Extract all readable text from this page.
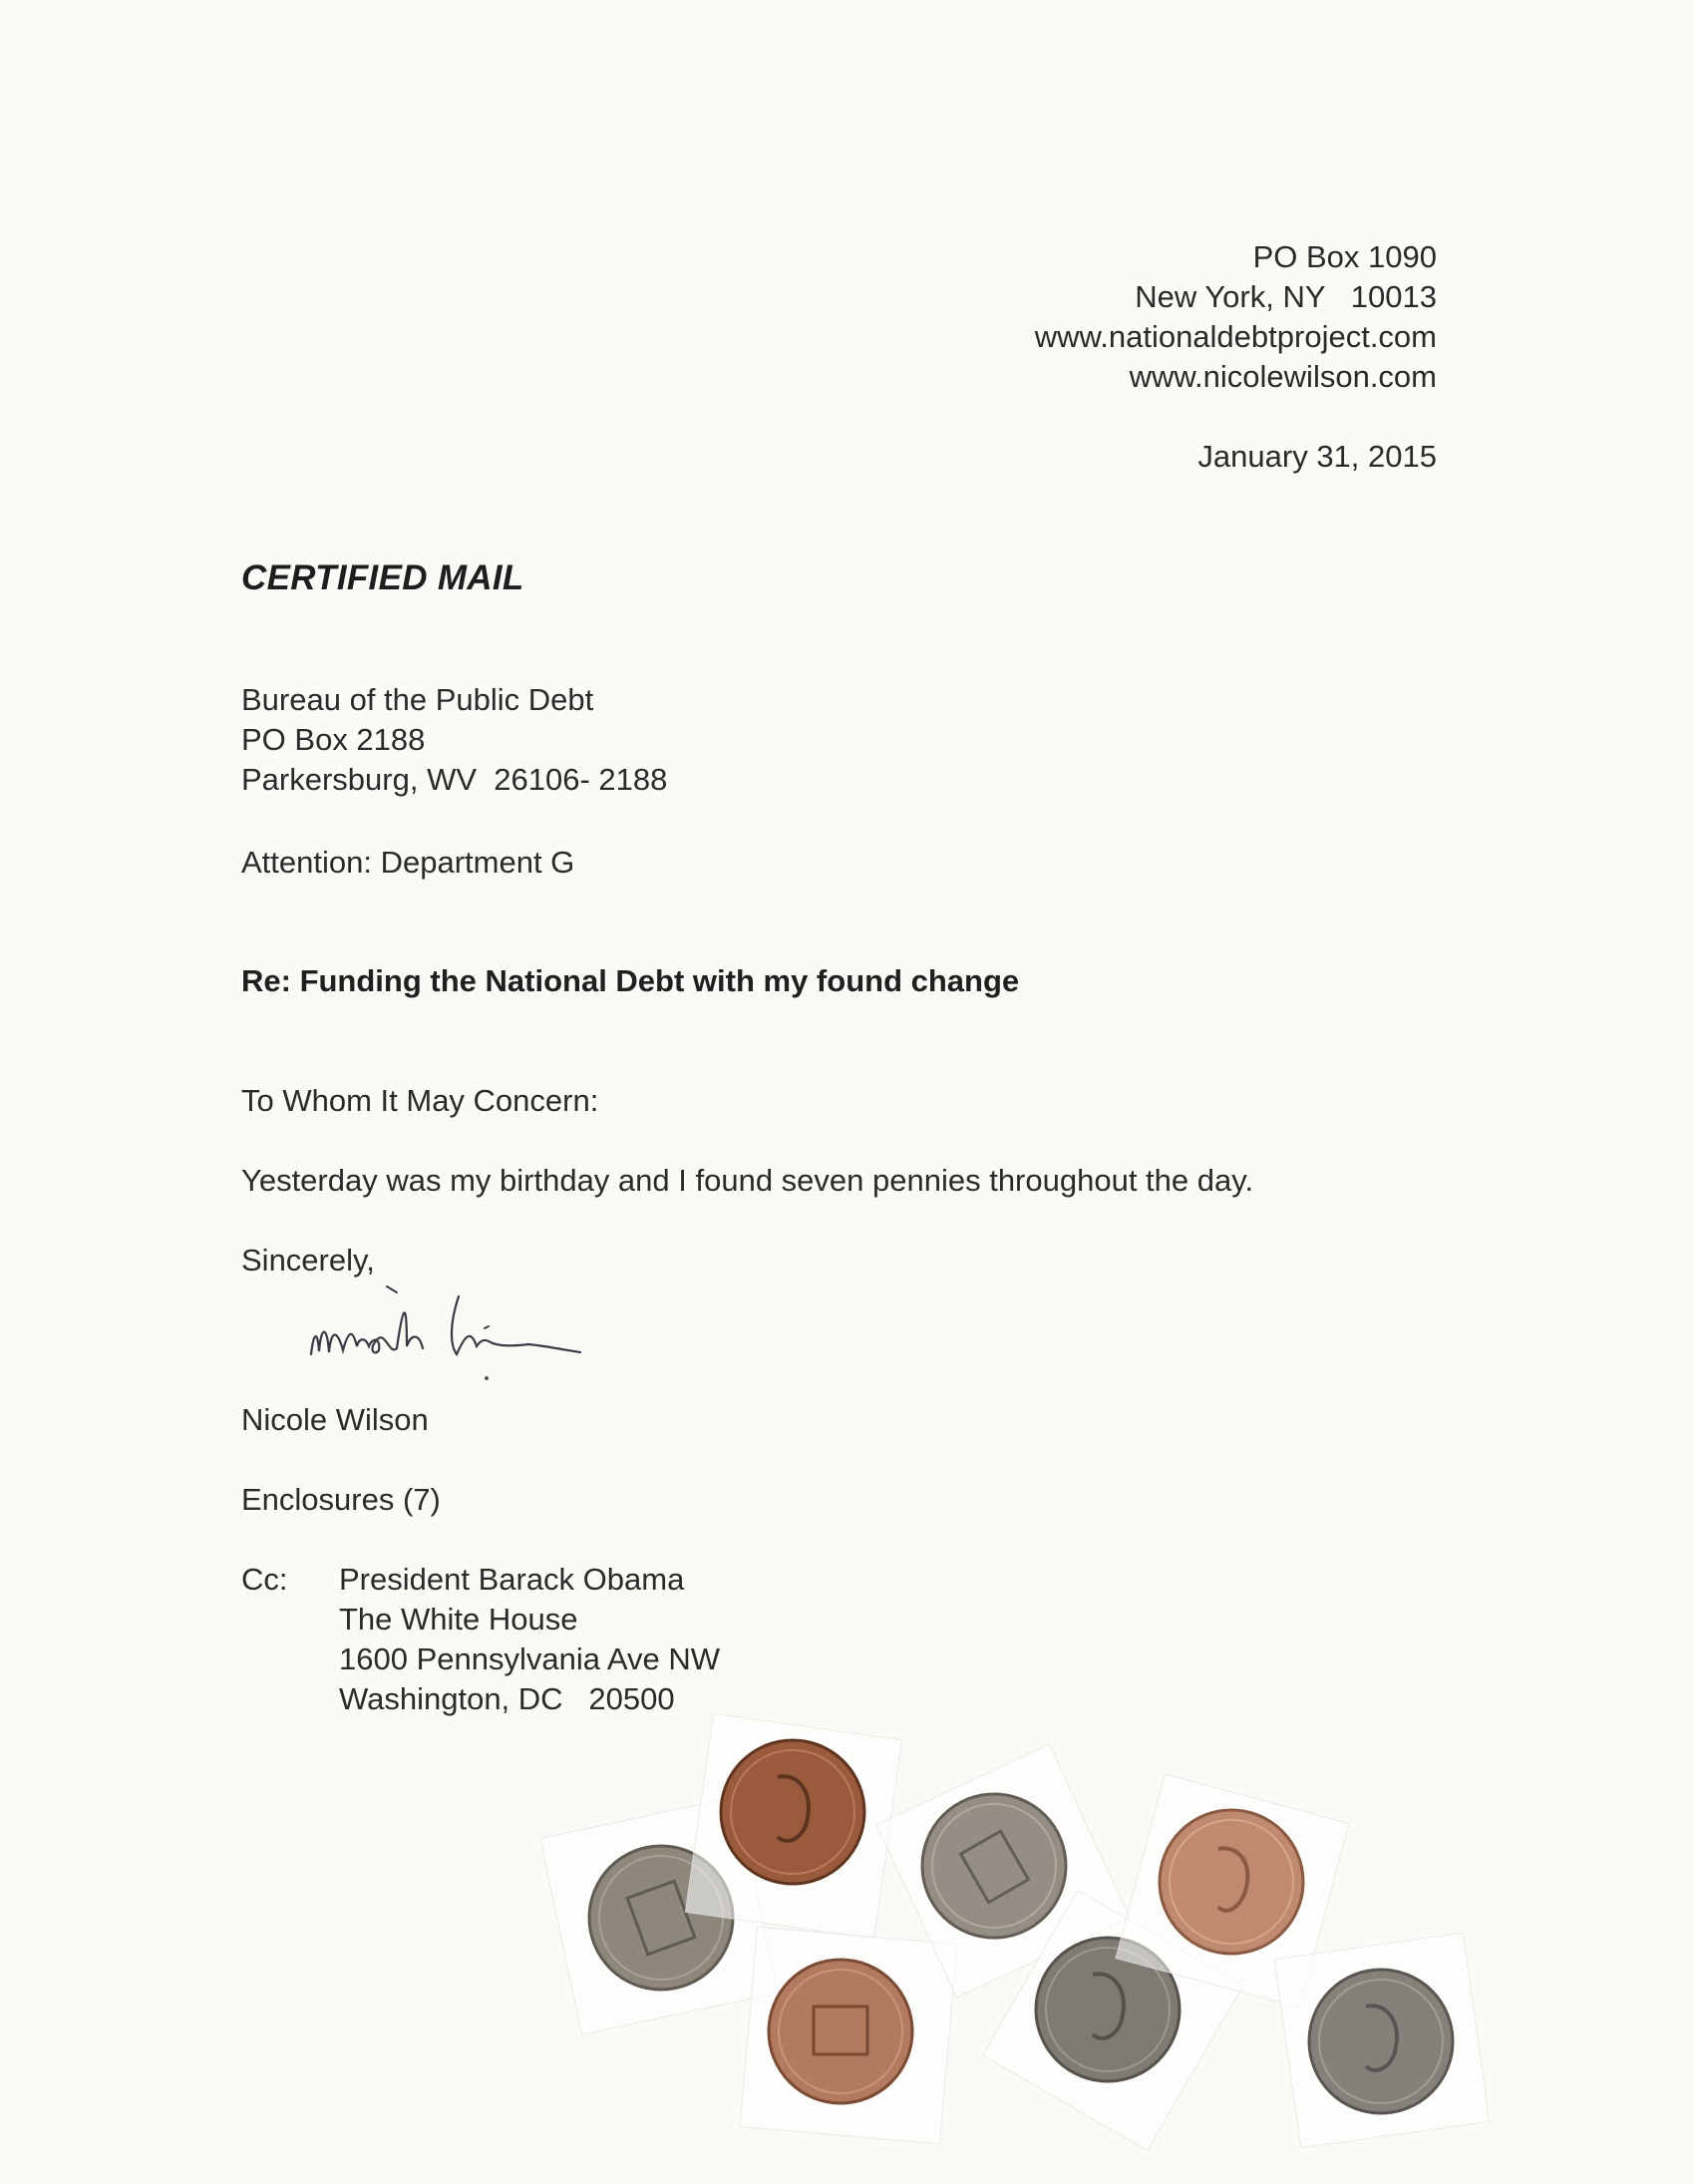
PO Box 1090
New York, NY   10013
www.nationaldebtproject.com
www.nicolewilson.com
January 31, 2015
CERTIFIED MAIL
Bureau of the Public Debt
PO Box 2188
Parkersburg, WV  26106- 2188
Attention: Department G
Re: Funding the National Debt with my found change
To Whom It May Concern:
Yesterday was my birthday and I found seven pennies throughout the day.
Sincerely,
Nicole Wilson
Enclosures (7)
Cc: President Barack Obama
The White House
1600 Pennsylvania Ave NW
Washington, DC   20500
